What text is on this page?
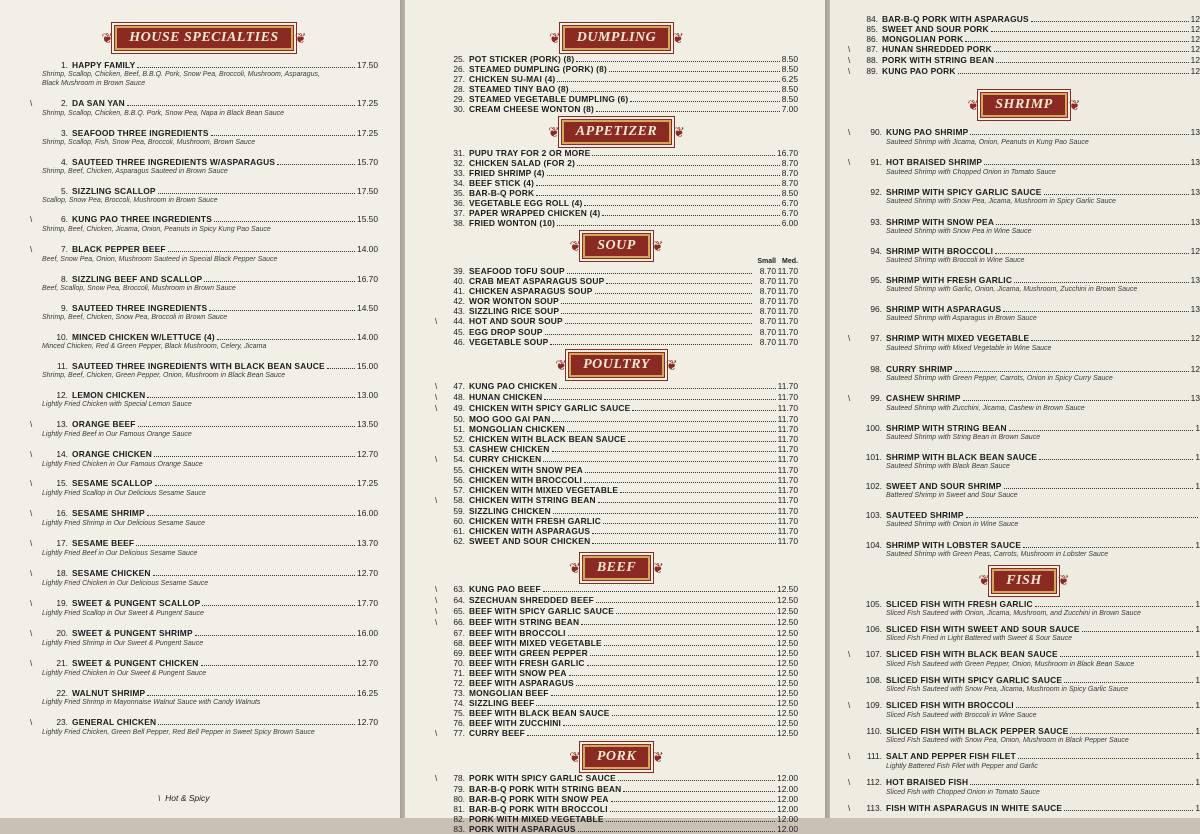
❦	HOUSE SPECIALTIES	❦
1. HAPPY FAMILY	17.50
Shrimp, Scallop, Chicken, Beef, B.B.Q. Pork, Snow Pea, Broccoli, Mushroom, Asparagus,
Black Mushroom in Brown Sauce
\	2. DA SAN YAN	17.25
Shrimp, Scallop, Chicken, B.B.Q. Pork, Snow Pea, Napa in Black Bean Sauce
3. SEAFOOD THREE INGREDIENTS	17.25
Shrimp, Scallop, Fish, Snow Pea, Broccoli, Mushroom, Brown Sauce
4. SAUTEED THREE INGREDIENTS W/ASPARAGUS	15.70
Shrimp, Beef, Chicken, Asparagus Sauteed in Brown Sauce
5. SIZZLING SCALLOP	17.50
Scallop, Snow Pea, Broccoli, Mushroom in Brown Sauce
\	6. KUNG PAO THREE INGREDIENTS	15.50
Shrimp, Beef, Chicken, Jicama, Onion, Peanuts in Spicy Kung Pao Sauce
\	7. BLACK PEPPER BEEF	14.00
Beef, Snow Pea, Onion, Mushroom Sauteed in Special Black Pepper Sauce
8. SIZZLING BEEF AND SCALLOP	16.70
Beef, Scallop, Snow Pea, Broccoli, Mushroom in Brown Sauce
9. SAUTEED THREE INGREDIENTS	14.50
Shrimp, Beef, Chicken, Snow Pea, Broccoli in Brown Sauce
10. MINCED CHICKEN W/LETTUCE (4)	14.00
Minced Chicken, Red & Green Pepper, Black Mushroom, Celery, Jicama
11. SAUTEED THREE INGREDIENTS WITH BLACK BEAN SAUCE	15.00
Shrimp, Beef, Chicken, Green Pepper, Onion, Mushroom in Black Bean Sauce
12. LEMON CHICKEN	13.00
Lightly Fried Chicken with Special Lemon Sauce
\	13. ORANGE BEEF	13.50
Lightly Fried Beef in Our Famous Orange Sauce
\	14. ORANGE CHICKEN	12.70
Lightly Fried Chicken in Our Famous Orange Sauce
\	15. SESAME SCALLOP	17.25
Lightly Fried Scallop in Our Delicious Sesame Sauce
\	16. SESAME SHRIMP	16.00
Lightly Fried Shrimp in Our Delicious Sesame Sauce
\	17. SESAME BEEF	13.70
Lightly Fried Beef in Our Delicious Sesame Sauce
\	18. SESAME CHICKEN	12.70
Lightly Fried Chicken in Our Delicious Sesame Sauce
\	19. SWEET & PUNGENT SCALLOP	17.70
Lightly Fried Scallop in Our Sweet & Pungent Sauce
\	20. SWEET & PUNGENT SHRIMP	16.00
Lightly Fried Shrimp in Our Sweet & Pungent Sauce
\	21. SWEET & PUNGENT CHICKEN	12.70
Lightly Fried Chicken in Our Sweet & Pungent Sauce
22. WALNUT SHRIMP	16.25
Lightly Fried Shrimp in Mayonnaise Walnut Sauce with Candy Walnuts
\	23. GENERAL CHICKEN	12.70
Lightly Fried Chicken, Green Bell Pepper, Red Bell Pepper in Sweet Spicy Brown Sauce
\ Hot & Spicy
❦	DUMPLING	❦
25. POT STICKER (PORK) (8)	8.50
26. STEAMED DUMPLING (PORK) (8)	8.50
27. CHICKEN SU-MAI (4)	6.25
28. STEAMED TINY BAO (8)	8.50
29. STEAMED VEGETABLE DUMPLING (6)	8.50
30. CREAM CHEESE WONTON (8)	7.00
❦	APPETIZER	❦
31. PUPU TRAY FOR 2 OR MORE	16.70
32. CHICKEN SALAD (FOR 2)	8.70
33. FRIED SHRIMP (4)	8.70
34. BEEF STICK (4)	8.70
35. BAR-B-Q PORK	8.50
36. VEGETABLE EGG ROLL (4)	6.70
37. PAPER WRAPPED CHICKEN (4)	6.70
38. FRIED WONTON (10)	6.00
❦	SOUP	❦
Small Med.
39. SEAFOOD TOFU SOUP	8.70 11.70
40. CRAB MEAT ASPARAGUS SOUP	8.70 11.70
41. CHICKEN ASPARAGUS SOUP	8.70 11.70
42. WOR WONTON SOUP	8.70 11.70
43. SIZZLING RICE SOUP	8.70 11.70
\	44. HOT AND SOUR SOUP	8.70 11.70
45. EGG DROP SOUP	8.70 11.70
46. VEGETABLE SOUP	8.70 11.70
❦	POULTRY	❦
\	47. KUNG PAO CHICKEN	11.70
\	48. HUNAN CHICKEN	11.70
\	49. CHICKEN WITH SPICY GARLIC SAUCE	11.70
50. MOO GOO GAI PAN	11.70
51. MONGOLIAN CHICKEN	11.70
52. CHICKEN WITH BLACK BEAN SAUCE	11.70
53. CASHEW CHICKEN	11.70
\	54. CURRY CHICKEN	11.70
55. CHICKEN WITH SNOW PEA	11.70
56. CHICKEN WITH BROCCOLI	11.70
57. CHICKEN WITH MIXED VEGETABLE	11.70
\	58. CHICKEN WITH STRING BEAN	11.70
59. SIZZLING CHICKEN	11.70
60. CHICKEN WITH FRESH GARLIC	11.70
61. CHICKEN WITH ASPARAGUS	11.70
62. SWEET AND SOUR CHICKEN	11.70
❦	BEEF	❦
\	63. KUNG PAO BEEF	12.50
\	64. SZECHUAN SHREDDED BEEF	12.50
\	65. BEEF WITH SPICY GARLIC SAUCE	12.50
\	66. BEEF WITH STRING BEAN	12.50
67. BEEF WITH BROCCOLI	12.50
68. BEEF WITH MIXED VEGETABLE	12.50
69. BEEF WITH GREEN PEPPER	12.50
70. BEEF WITH FRESH GARLIC	12.50
71. BEEF WITH SNOW PEA	12.50
72. BEEF WITH ASPARAGUS	12.50
73. MONGOLIAN BEEF	12.50
74. SIZZLING BEEF	12.50
75. BEEF WITH BLACK BEAN SAUCE	12.50
76. BEEF WITH ZUCCHINI	12.50
\	77. CURRY BEEF	12.50
❦	PORK	❦
\	78. PORK WITH SPICY GARLIC SAUCE	12.00
79. BAR-B-Q PORK WITH STRING BEAN	12.00
80. BAR-B-Q PORK WITH SNOW PEA	12.00
81. BAR-B-Q PORK WITH BROCCOLI	12.00
82. PORK WITH MIXED VEGETABLE	12.00
83. PORK WITH ASPARAGUS	12.00
84. BAR-B-Q PORK WITH ASPARAGUS	12
85. SWEET AND SOUR PORK	12
86. MONGOLIAN PORK	12
\	87. HUNAN SHREDDED PORK	12
\	88. PORK WITH STRING BEAN	12
\	89. KUNG PAO PORK	12
❦	SHRIMP	❦
\	90. KUNG PAO SHRIMP	13
Sauteed Shrimp with Jicama, Onion, Peanuts in Kung Pao Sauce
\	91. HOT BRAISED SHRIMP	13
Sauteed Shrimp with Chopped Onion in Tomato Sauce
92. SHRIMP WITH SPICY GARLIC SAUCE	13
Sauteed Shrimp with Snow Pea, Jicama, Mushroom in Spicy Garlic Sauce
93. SHRIMP WITH SNOW PEA	13
Sauteed Shrimp with Snow Pea in Wine Sauce
94. SHRIMP WITH BROCCOLI	12
Sauteed Shrimp with Broccoli in Wine Sauce
95. SHRIMP WITH FRESH GARLIC	13
Sauteed Shrimp with Garlic, Onion, Jicama, Mushroom, Zucchini in Brown Sauce
96. SHRIMP WITH ASPARAGUS	13
Sauteed Shrimp with Asparagus in Brown Sauce
\	97. SHRIMP WITH MIXED VEGETABLE	12
Sauteed Shrimp with Mixed Vegetable in Wine Sauce
98. CURRY SHRIMP	12
Sauteed Shrimp with Green Pepper, Carrots, Onion in Spicy Curry Sauce
\	99. CASHEW SHRIMP	13
Sauteed Shrimp with Zucchini, Jicama, Cashew in Brown Sauce
100. SHRIMP WITH STRING BEAN	1
Sauteed Shrimp with String Bean in Brown Sauce
101. SHRIMP WITH BLACK BEAN SAUCE	1
Sauteed Shrimp with Black Bean Sauce
102. SWEET AND SOUR SHRIMP	1
Battered Shrimp in Sweet and Sour Sauce
103. SAUTEED SHRIMP
Sauteed Shrimp with Onion in Wine Sauce
104. SHRIMP WITH LOBSTER SAUCE	1
Sauteed Shrimp with Green Peas, Carrots, Mushroom in Lobster Sauce
❦	FISH	❦
105. SLICED FISH WITH FRESH GARLIC	1
Sliced Fish Sauteed with Onion, Jicama, Mushroom, and Zucchini in Brown Sauce
106. SLICED FISH WITH SWEET AND SOUR SAUCE	1
Sliced Fish Fried in Light Battered with Sweet & Sour Sauce
\	107. SLICED FISH WITH BLACK BEAN SAUCE	1
Sliced Fish Sauteed with Green Pepper, Onion, Mushroom in Black Bean Sauce
108. SLICED FISH WITH SPICY GARLIC SAUCE	1
Sliced Fish Sauteed with Snow Pea, Jicama, Mushroom in Spicy Garlic Sauce
\	109. SLICED FISH WITH BROCCOLI	1
Sliced Fish Sauteed with Broccoli in Wine Sauce
110. SLICED FISH WITH BLACK PEPPER SAUCE	1
Sliced Fish Sauteed with Snow Pea, Onion, Mushroom in Black Pepper Sauce
\	111. SALT AND PEPPER FISH FILET	1
Lightly Battered Fish Filet with Pepper and Garlic
\	112. HOT BRAISED FISH	1
Sliced Fish with Chopped Onion in Tomato Sauce
\	113. FISH WITH ASPARAGUS IN WHITE SAUCE	1
